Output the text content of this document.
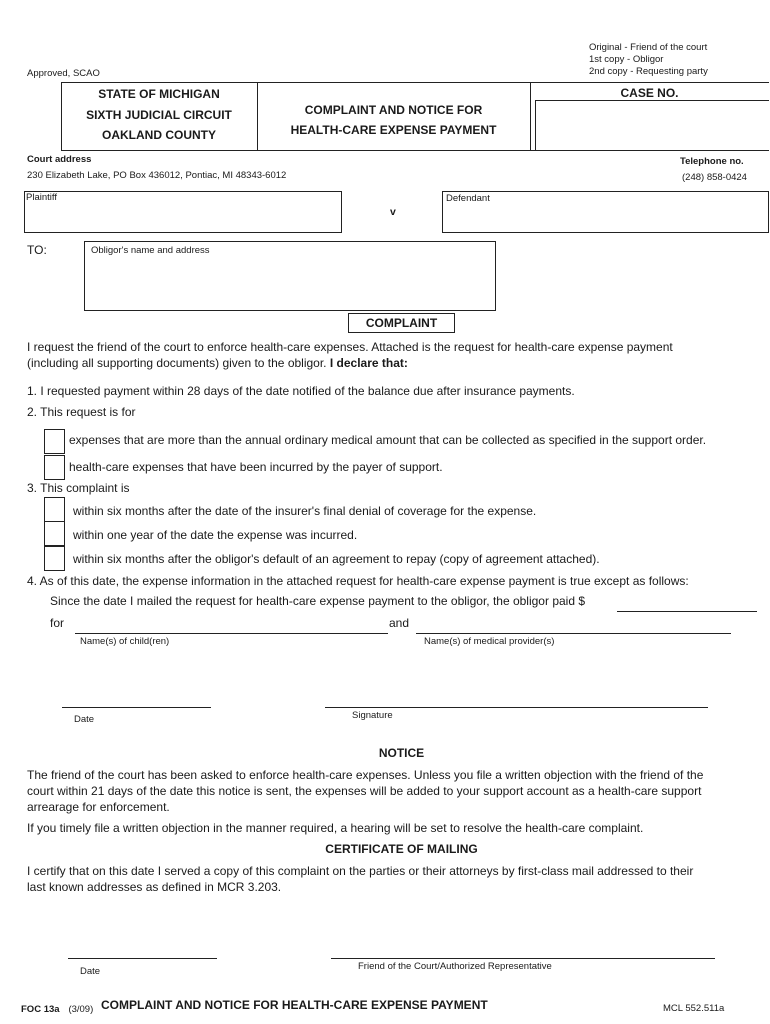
Original - Friend of the court
1st copy - Obligor
2nd copy - Requesting party
Approved, SCAO
STATE OF MICHIGAN
SIXTH JUDICIAL CIRCUIT
OAKLAND COUNTY
COMPLAINT AND NOTICE FOR
HEALTH-CARE EXPENSE PAYMENT
CASE NO.
Court address
230 Elizabeth Lake, PO Box 436012, Pontiac, MI 48343-6012
Telephone no.
(248) 858-0424
Plaintiff
v
Defendant
TO:	Obligor's name and address
COMPLAINT
I request the friend of the court to enforce health-care expenses. Attached is the request for health-care expense payment
(including all supporting documents) given to the obligor. I declare that:
1. I requested payment within 28 days of the date notified of the balance due after insurance payments.
2. This request is for
expenses that are more than the annual ordinary medical amount that can be collected as specified in the support order.
health-care expenses that have been incurred by the payer of support.
3. This complaint is
within six months after the date of the insurer's final denial of coverage for the expense.
within one year of the date the expense was incurred.
within six months after the obligor's default of an agreement to repay (copy of agreement attached).
4. As of this date, the expense information in the attached request for health-care expense payment is true except as follows:
Since the date I mailed the request for health-care expense payment to the obligor, the obligor paid $
for	and
Name(s) of child(ren)	Name(s) of medical provider(s)
Date	Signature
NOTICE
The friend of the court has been asked to enforce health-care expenses. Unless you file a written objection with the friend of the
court within 21 days of the date this notice is sent, the expenses will be added to your support account as a health-care support
arrearage for enforcement.
If you timely file a written objection in the manner required, a hearing will be set to resolve the health-care complaint.
CERTIFICATE OF MAILING
I certify that on this date I served a copy of this complaint on the parties or their attorneys by first-class mail addressed to their
last known addresses as defined in MCR 3.203.
Date	Friend of the Court/Authorized Representative
FOC 13a (3/09) COMPLAINT AND NOTICE FOR HEALTH-CARE EXPENSE PAYMENT	MCL 552.511a
